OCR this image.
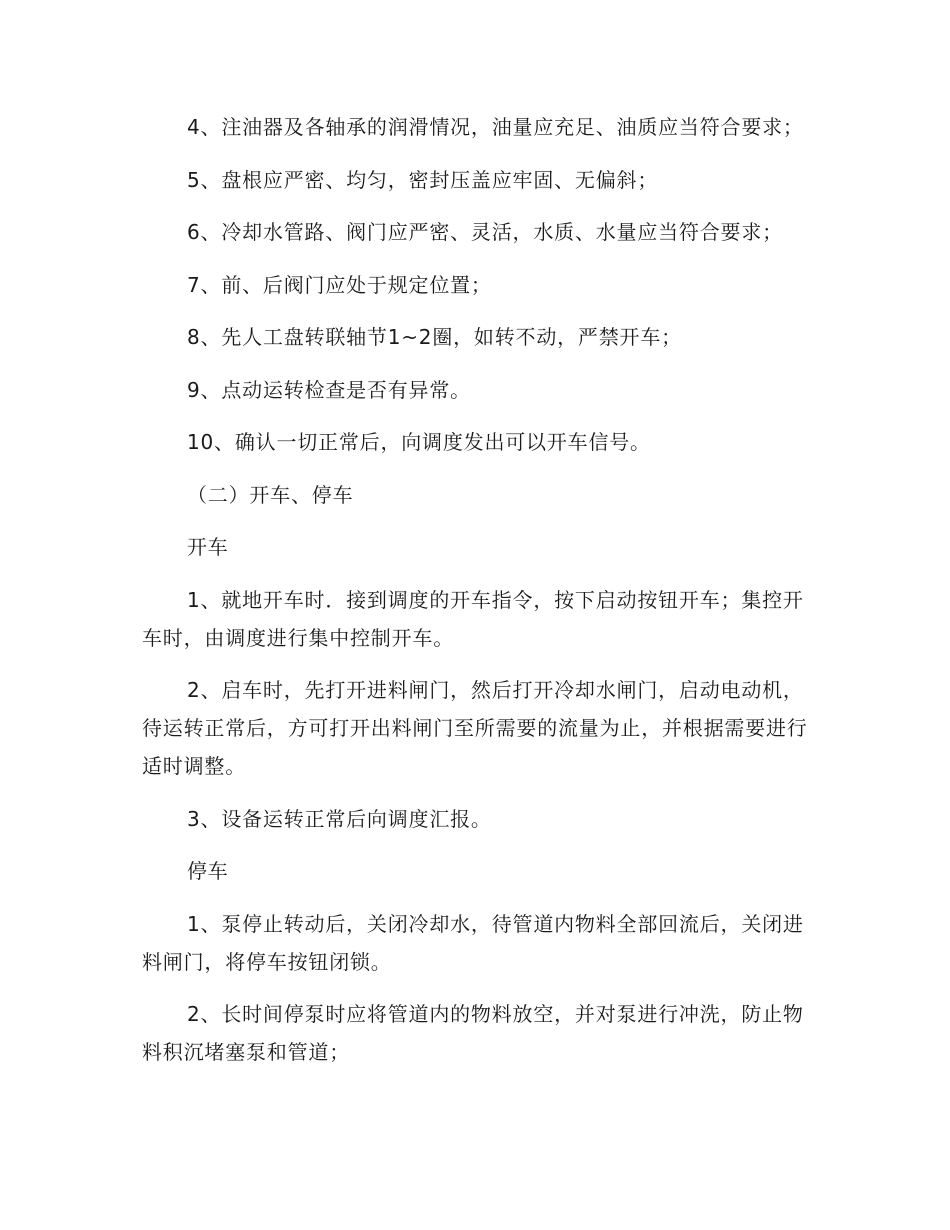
4、注油器及各轴承的润滑情况，油量应充足、油质应当符合要求；

5、盘根应严密、均匀，密封压盖应牢固、无偏斜；

6、冷却水管路、阀门应严密、灵活，水质、水量应当符合要求；

7、前、后阀门应处于规定位置；

8、先人工盘转联轴节1~2圈，如转不动，严禁开车；

9、点动运转检查是否有异常。

10、确认一切正常后，向调度发出可以开车信号。

（二）开车、停车

开车

1、就地开车时．接到调度的开车指令，按下启动按钮开车；集控开车时，由调度进行集中控制开车。

2、启车时，先打开进料闸门，然后打开冷却水闸门，启动电动机，待运转正常后，方可打开出料闸门至所需要的流量为止，并根据需要进行适时调整。

3、设备运转正常后向调度汇报。

停车

1、泵停止转动后，关闭冷却水，待管道内物料全部回流后，关闭进料闸门，将停车按钮闭锁。

2、长时间停泵时应将管道内的物料放空，并对泵进行冲洗，防止物料积沉堵塞泵和管道；
